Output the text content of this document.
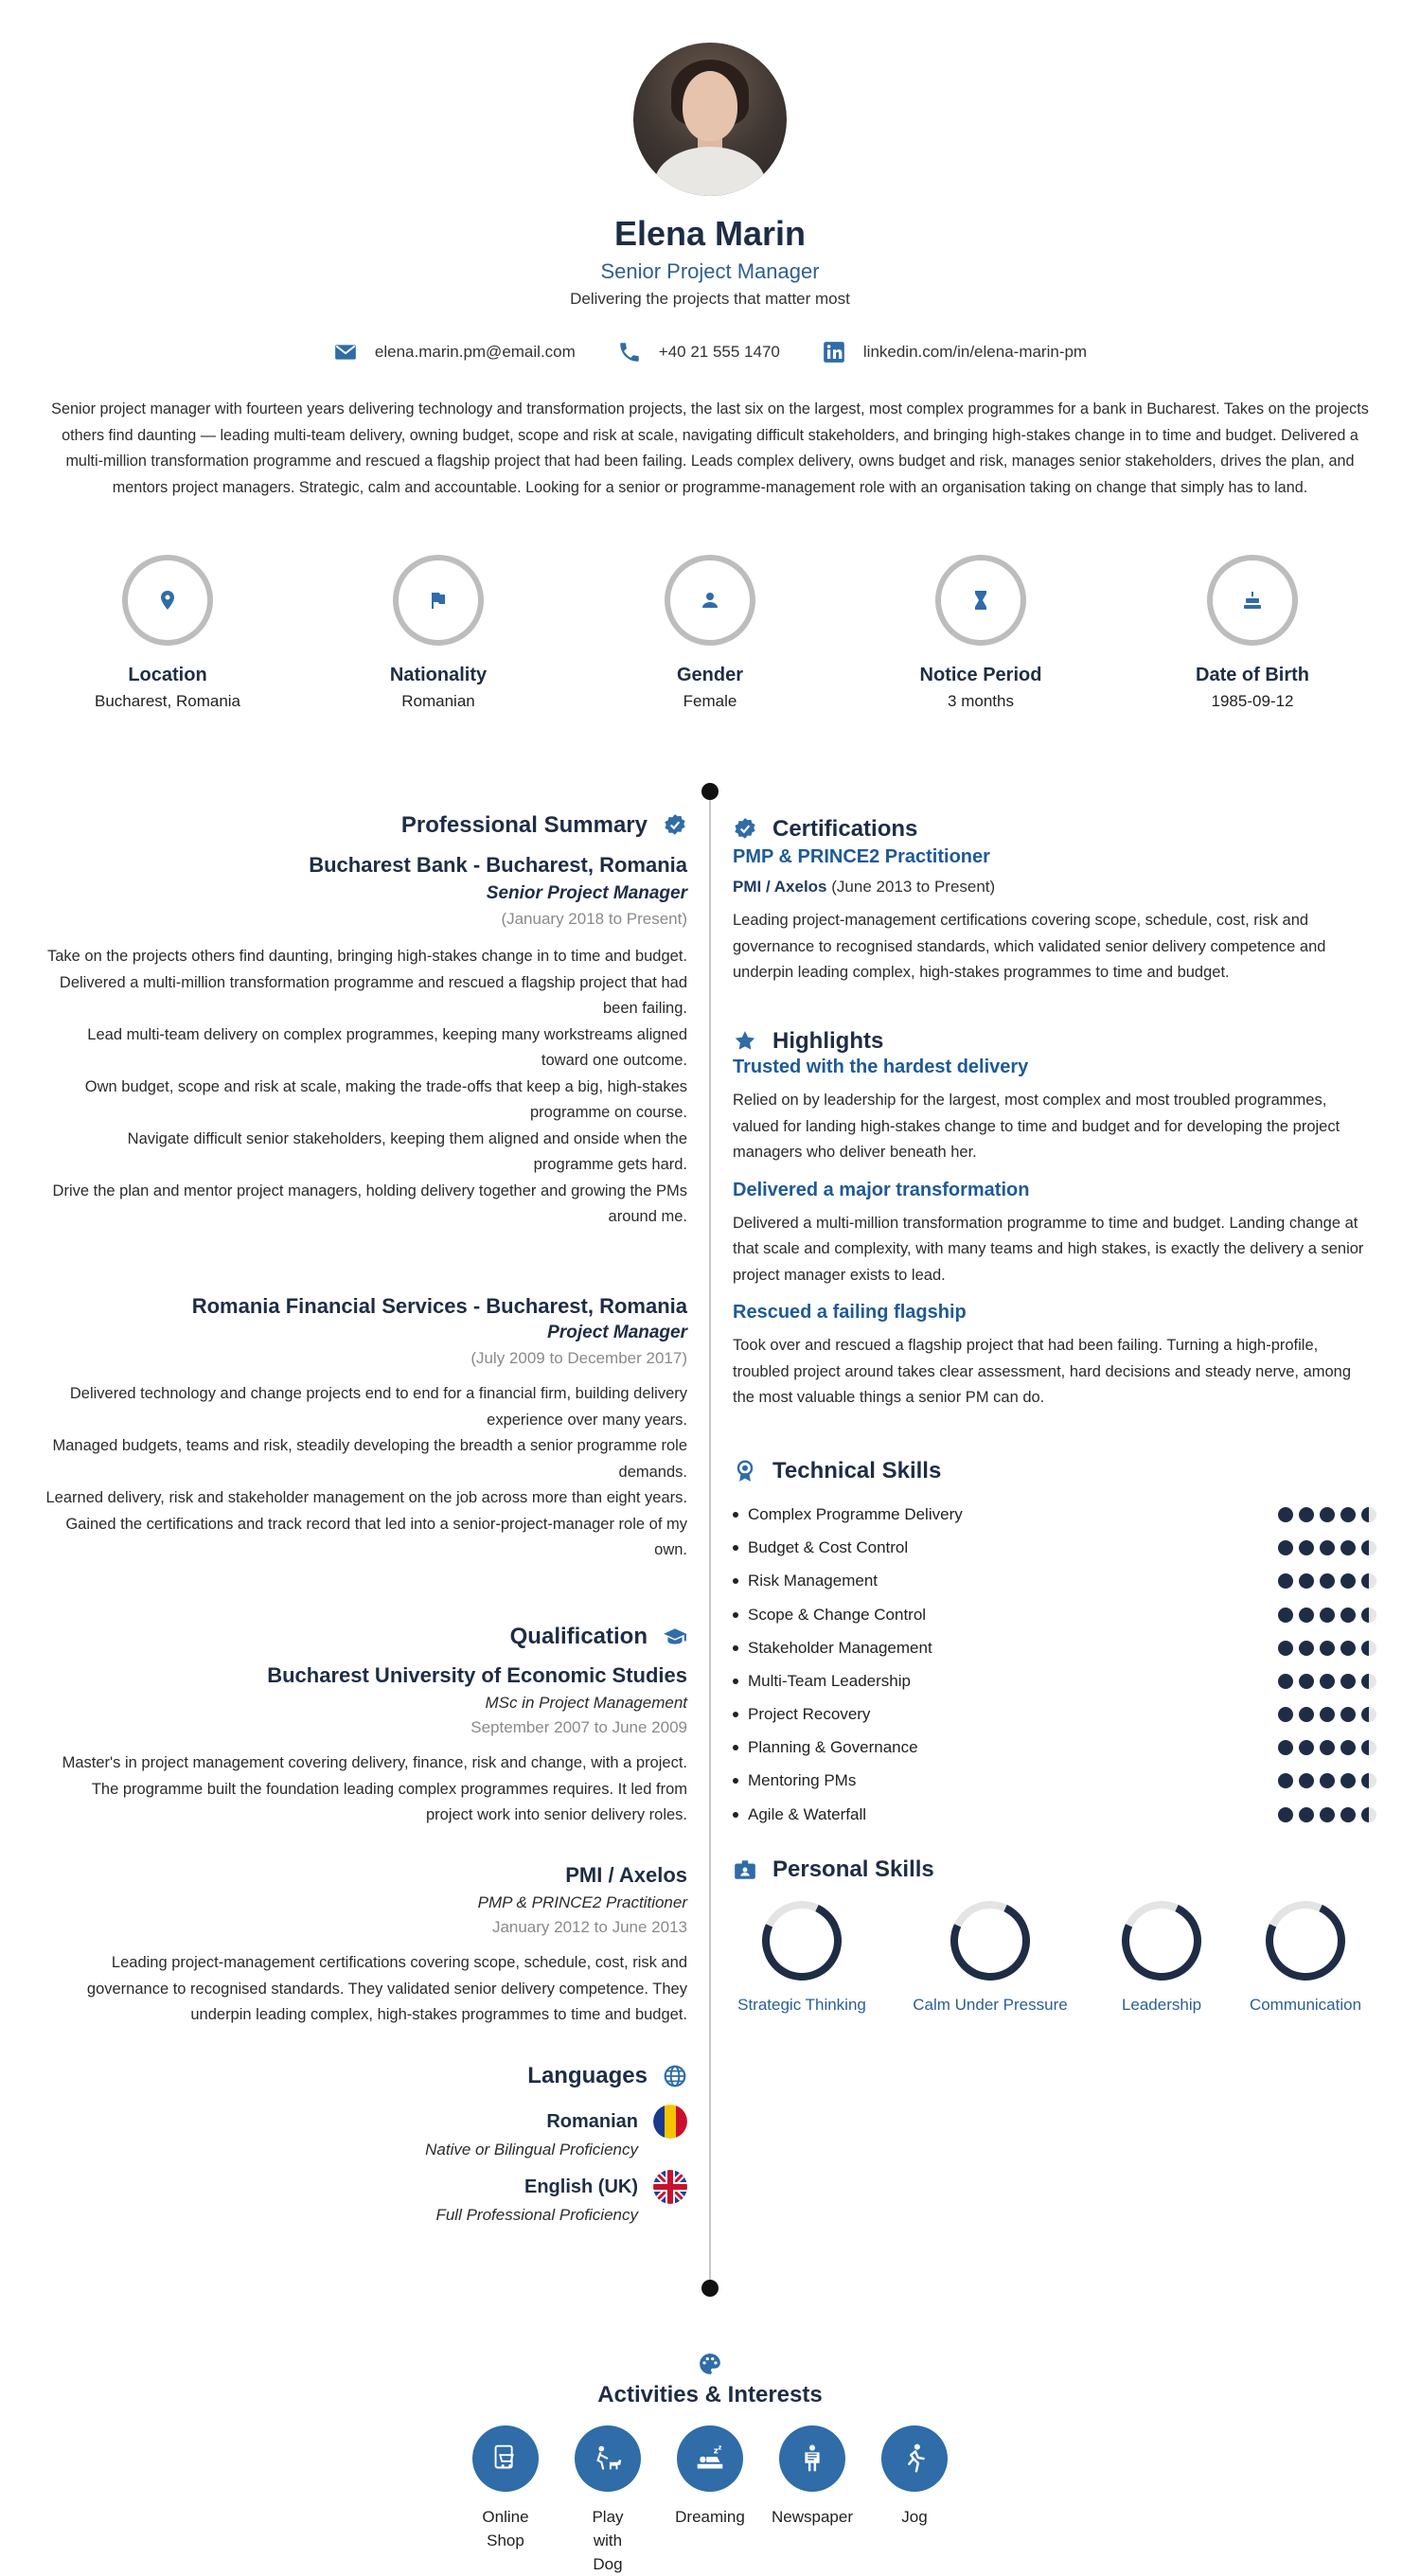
Elena Marin
Senior Project Manager
Delivering the projects that matter most
elena.marin.pm@email.com	+40 21 555 1470	linkedin.com/in/elena-marin-pm
Senior project manager with fourteen years delivering technology and transformation projects, the last six on the largest, most complex programmes for a bank in Bucharest. Takes on the projects others find daunting — leading multi-team delivery, owning budget, scope and risk at scale, navigating difficult stakeholders, and bringing high-stakes change in to time and budget. Delivered a multi-million transformation programme and rescued a flagship project that had been failing. Leads complex delivery, owns budget and risk, manages senior stakeholders, drives the plan, and mentors project managers. Strategic, calm and accountable. Looking for a senior or programme-management role with an organisation taking on change that simply has to land.
Location
Bucharest, Romania
Nationality
Romanian
Gender
Female
Notice Period
3 months
Date of Birth
1985-09-12
Professional Summary
Bucharest Bank - Bucharest, Romania
Senior Project Manager
(January 2018 to Present)
Take on the projects others find daunting, bringing high-stakes change in to time and budget.
Delivered a multi-million transformation programme and rescued a flagship project that had been failing.
Lead multi-team delivery on complex programmes, keeping many workstreams aligned toward one outcome.
Own budget, scope and risk at scale, making the trade-offs that keep a big, high-stakes programme on course.
Navigate difficult senior stakeholders, keeping them aligned and onside when the programme gets hard.
Drive the plan and mentor project managers, holding delivery together and growing the PMs around me.
Romania Financial Services - Bucharest, Romania
Project Manager
(July 2009 to December 2017)
Delivered technology and change projects end to end for a financial firm, building delivery experience over many years.
Managed budgets, teams and risk, steadily developing the breadth a senior programme role demands.
Learned delivery, risk and stakeholder management on the job across more than eight years.
Gained the certifications and track record that led into a senior-project-manager role of my own.
Qualification
Bucharest University of Economic Studies
MSc in Project Management
September 2007 to June 2009
Master's in project management covering delivery, finance, risk and change, with a project. The programme built the foundation leading complex programmes requires. It led from project work into senior delivery roles.
PMI / Axelos
PMP & PRINCE2 Practitioner
January 2012 to June 2013
Leading project-management certifications covering scope, schedule, cost, risk and governance to recognised standards. They validated senior delivery competence. They underpin leading complex, high-stakes programmes to time and budget.
Languages
Romanian
Native or Bilingual Proficiency
English (UK)
Full Professional Proficiency
Certifications
PMP & PRINCE2 Practitioner
PMI / Axelos (June 2013 to Present)
Leading project-management certifications covering scope, schedule, cost, risk and governance to recognised standards, which validated senior delivery competence and underpin leading complex, high-stakes programmes to time and budget.
Highlights
Trusted with the hardest delivery
Relied on by leadership for the largest, most complex and most troubled programmes, valued for landing high-stakes change to time and budget and for developing the project managers who deliver beneath her.
Delivered a major transformation
Delivered a multi-million transformation programme to time and budget. Landing change at that scale and complexity, with many teams and high stakes, is exactly the delivery a senior project manager exists to lead.
Rescued a failing flagship
Took over and rescued a flagship project that had been failing. Turning a high-profile, troubled project around takes clear assessment, hard decisions and steady nerve, among the most valuable things a senior PM can do.
Technical Skills
Complex Programme Delivery
Budget & Cost Control
Risk Management
Scope & Change Control
Stakeholder Management
Multi-Team Leadership
Project Recovery
Planning & Governance
Mentoring PMs
Agile & Waterfall
Personal Skills
Strategic Thinking	Calm Under Pressure	Leadership	Communication
Activities & Interests
Online Shop
Play with Dog
z z
Dreaming	Newspaper	Jog
